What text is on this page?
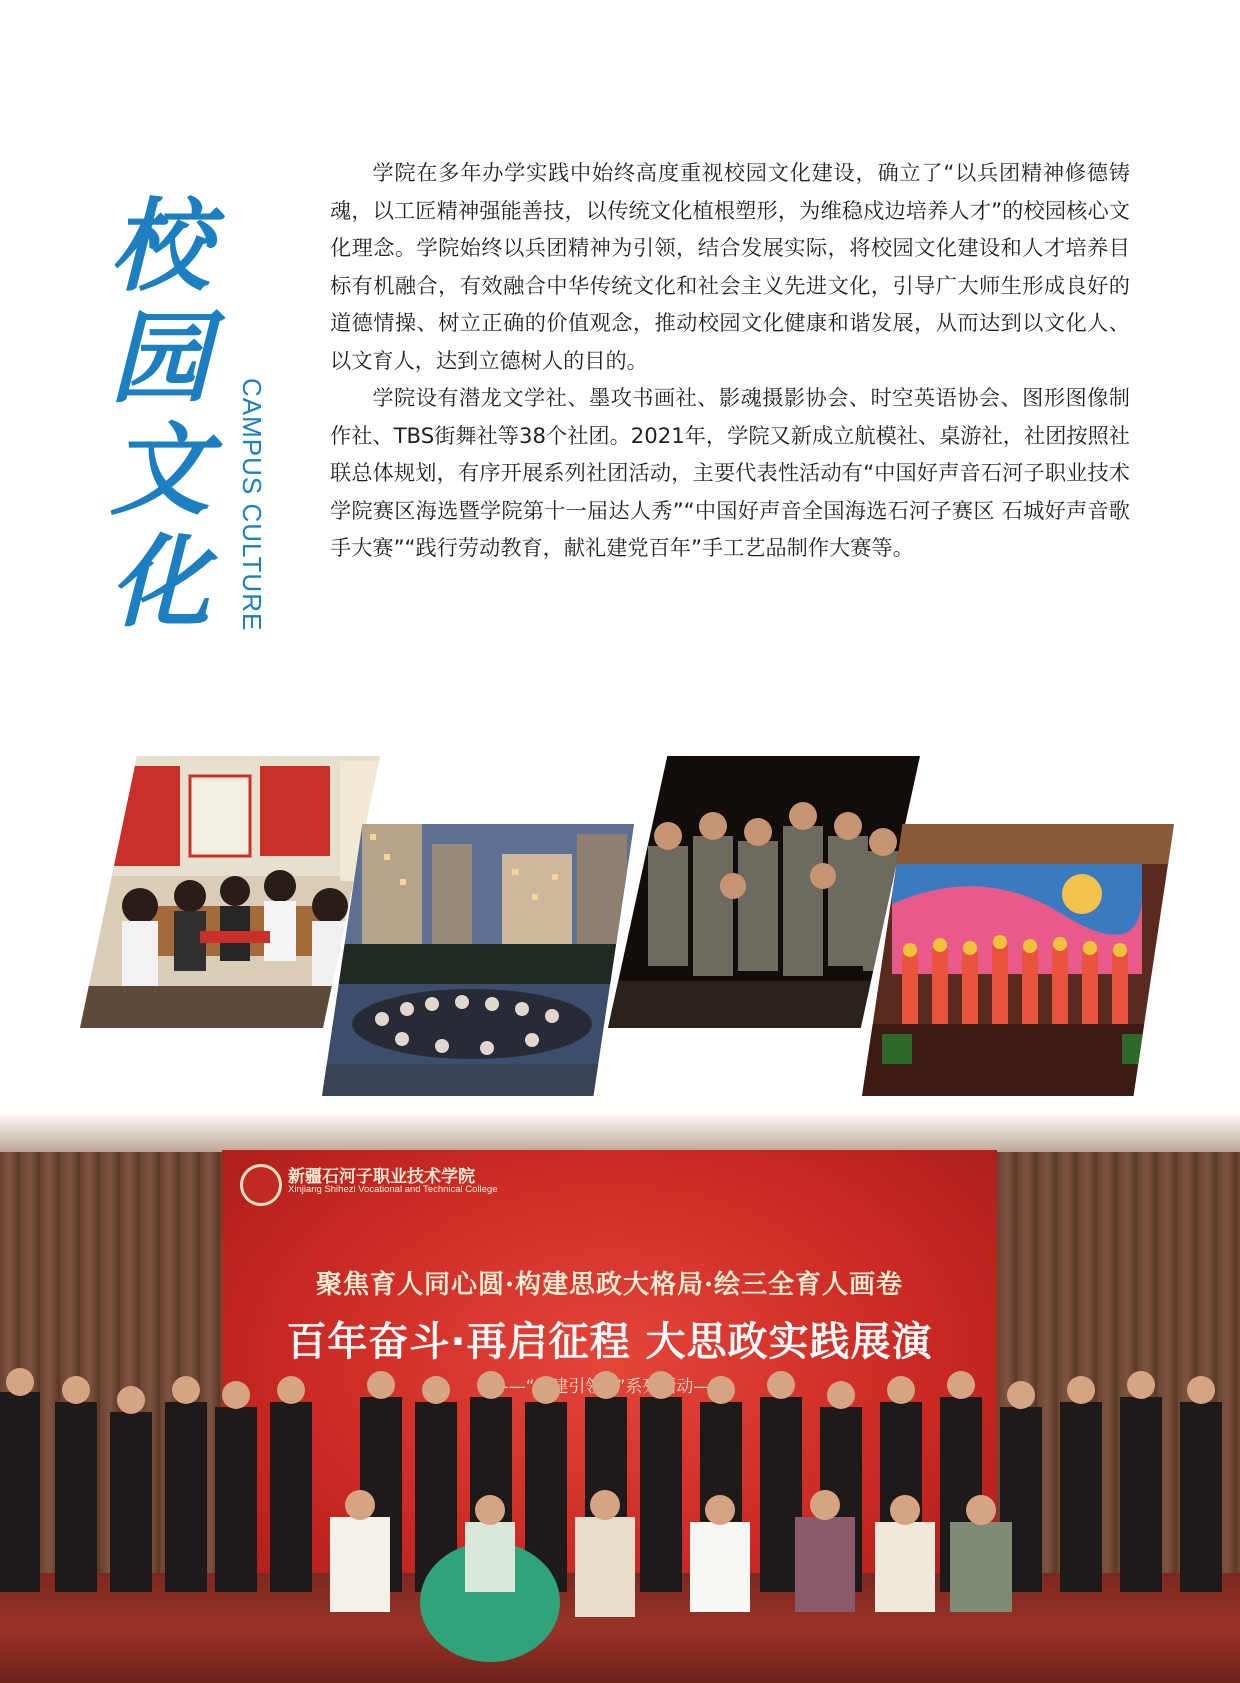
校
园
文
化 CAMPUS CULTURE

学院在多年办学实践中始终高度重视校园文化建设，确立了“以兵团精神修德铸魂，以工匠精神强能善技，以传统文化植根塑形，为维稳戍边培养人才”的校园核心文化理念。学院始终以兵团精神为引领，结合发展实际，将校园文化建设和人才培养目标有机融合，有效融合中华传统文化和社会主义先进文化，引导广大师生形成良好的道德情操、树立正确的价值观念，推动校园文化健康和谐发展，从而达到以文化人、以文育人，达到立德树人的目的。

学院设有潜龙文学社、墨攻书画社、影魂摄影协会、时空英语协会、图形图像制作社、TBS街舞社等38个社团。2021年，学院又新成立航模社、桌游社，社团按照社联总体规划，有序开展系列社团活动，主要代表性活动有“中国好声音石河子职业技术学院赛区海选暨学院第十一届达人秀”“中国好声音全国海选石河子赛区 石城好声音歌手大赛”“践行劳动教育，献礼建党百年”手工艺品制作大赛等。

新疆石河子职业技术学院
Xinjiang Shihezi Vocational and Technical College
聚焦育人同心圆·构建思政大格局·绘三全育人画卷
百年奋斗·再启征程 大思政实践展演
